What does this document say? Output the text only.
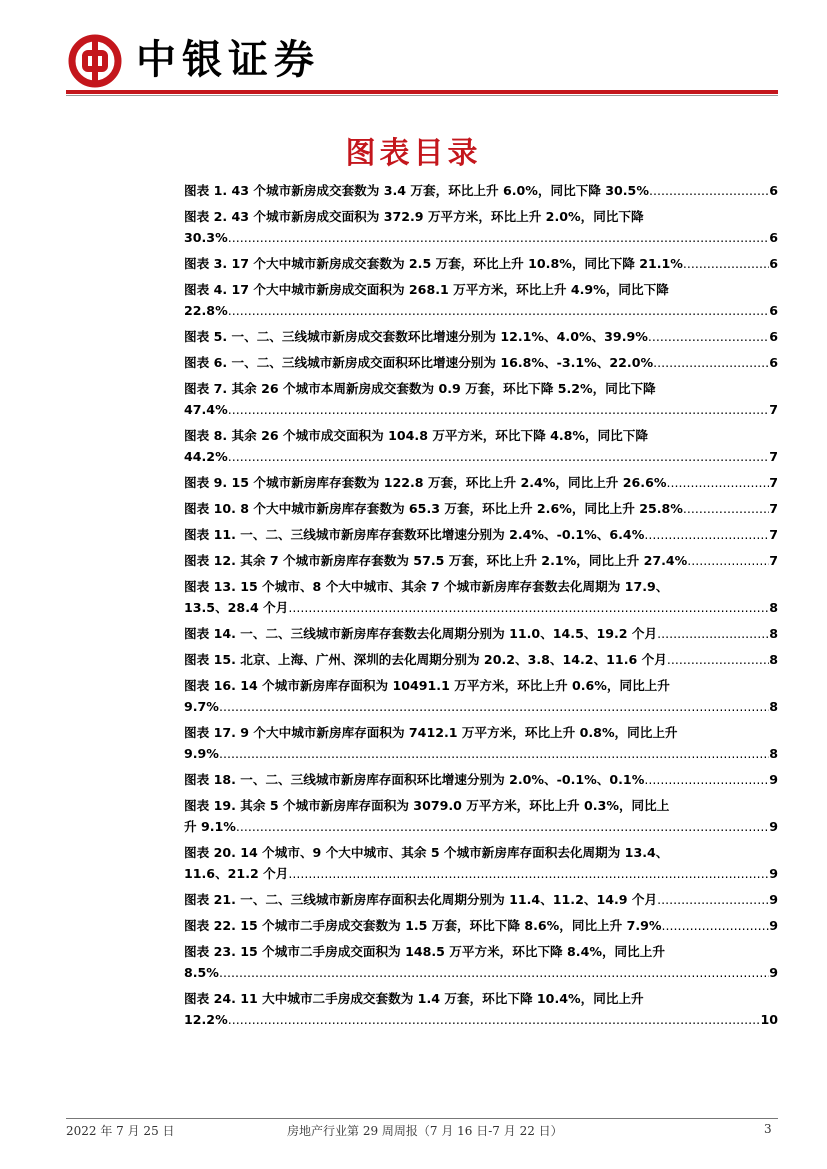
中银证券
图表目录
图表 1. 43 个城市新房成交套数为 3.4 万套，环比上升 6.0%，同比下降 30.5% .....	6
图表 2. 43 个城市新房成交面积为 372.9 万平方米，环比上升 2.0%，同比下降
30.3% .....	6
图表 3. 17 个大中城市新房成交套数为 2.5 万套，环比上升 10.8%，同比下降 21.1% .....	6
图表 4. 17 个大中城市新房成交面积为 268.1 万平方米，环比上升 4.9%，同比下降
22.8% .....	6
图表 5. 一、二、三线城市新房成交套数环比增速分别为 12.1%、4.0%、39.9% .....	6
图表 6. 一、二、三线城市新房成交面积环比增速分别为 16.8%、-3.1%、22.0% .....	6
图表 7. 其余 26 个城市本周新房成交套数为 0.9 万套，环比下降 5.2%，同比下降
47.4% .....	7
图表 8. 其余 26 个城市成交面积为 104.8 万平方米，环比下降 4.8%，同比下降
44.2% .....	7
图表 9. 15 个城市新房库存套数为 122.8 万套，环比上升 2.4%，同比上升 26.6% .....	7
图表 10. 8 个大中城市新房库存套数为 65.3 万套，环比上升 2.6%，同比上升 25.8% .....	7
图表 11. 一、二、三线城市新房库存套数环比增速分别为 2.4%、-0.1%、6.4% .....	7
图表 12. 其余 7 个城市新房库存套数为 57.5 万套，环比上升 2.1%，同比上升 27.4% .....	7
图表 13. 15 个城市、8 个大中城市、其余 7 个城市新房库存套数去化周期为 17.9、
13.5、28.4 个月 .....	8
图表 14. 一、二、三线城市新房库存套数去化周期分别为 11.0、14.5、19.2 个月 .....	8
图表 15. 北京、上海、广州、深圳的去化周期分别为 20.2、3.8、14.2、11.6 个月 .....	8
图表 16. 14 个城市新房库存面积为 10491.1 万平方米，环比上升 0.6%，同比上升
9.7% .....	8
图表 17. 9 个大中城市新房库存面积为 7412.1 万平方米，环比上升 0.8%，同比上升
9.9% .....	8
图表 18. 一、二、三线城市新房库存面积环比增速分别为 2.0%、-0.1%、0.1% .....	9
图表 19. 其余 5 个城市新房库存面积为 3079.0 万平方米，环比上升 0.3%，同比上
升 9.1% .....	9
图表 20. 14 个城市、9 个大中城市、其余 5 个城市新房库存面积去化周期为 13.4、
11.6、21.2 个月 .....	9
图表 21. 一、二、三线城市新房库存面积去化周期分别为 11.4、11.2、14.9 个月 .....	9
图表 22. 15 个城市二手房成交套数为 1.5 万套，环比下降 8.6%，同比上升 7.9% .....	9
图表 23. 15 个城市二手房成交面积为 148.5 万平方米，环比下降 8.4%，同比上升
8.5% .....	9
图表 24. 11 大中城市二手房成交套数为 1.4 万套，环比下降 10.4%，同比上升
12.2% .....	10
2022 年 7 月 25 日	房地产行业第 29 周周报（7 月 16 日-7 月 22 日）	3
